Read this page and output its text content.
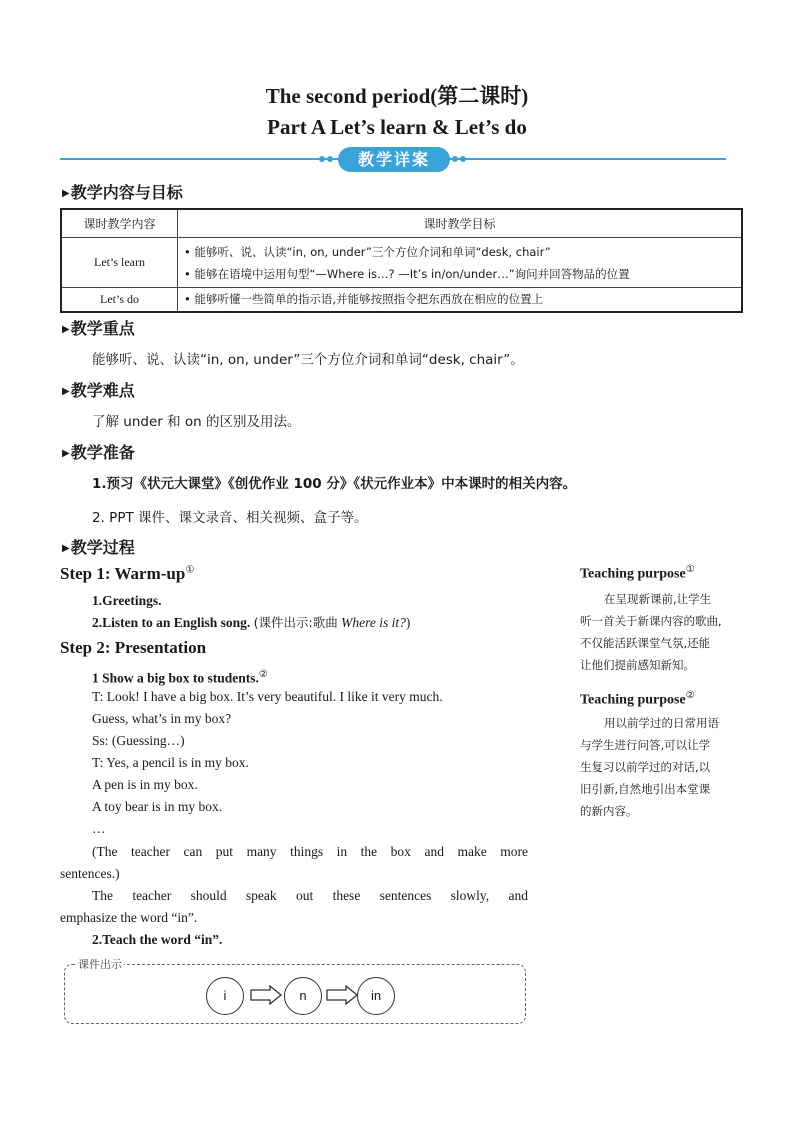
The second period(第二课时)
Part A Let’s learn & Let’s do
教学详案
▶教学内容与目标
课时教学内容	课时教学目标
Let’s learn	• 能够听、说、认读“in, on, under”三个方位介词和单词“desk, chair”
• 能够在语境中运用句型“—Where is…? —It’s in/on/under…”询问并回答物品的位置

Let’s do	• 能够听懂一些简单的指示语,并能够按照指令把东西放在相应的位置上
▶教学重点
能够听、说、认读“in, on, under”三个方位介词和单词“desk, chair”。
▶教学难点
了解 under 和 on 的区别及用法。
▶教学准备
1.预习《状元大课堂》《创优作业 100 分》《状元作业本》中本课时的相关内容。
2. PPT 课件、课文录音、相关视频、盒子等。
▶教学过程
Step 1: Warm-up①
1.Greetings.
2.Listen to an English song. (课件出示:歌曲 Where is it?)
Step 2: Presentation
1 Show a big box to students.②
T: Look! I have a big box. It’s very beautiful. I like it very much.
Guess, what’s in my box?
Ss: (Guessing…)
T: Yes, a pencil is in my box.
A pen is in my box.
A toy bear is in my box.
…
(The teacher can put many things in the box and make more
sentences.)
The teacher should speak out these sentences slowly, and
emphasize the word “in”.
2.Teach the word “in”.
课件出示
i	n	in
Teaching purpose①
在呈现新课前,让学生
听一首关于新课内容的歌曲,
不仅能活跃课堂气氛,还能
让他们提前感知新知。
Teaching purpose②
用以前学过的日常用语
与学生进行问答,可以让学
生复习以前学过的对话,以
旧引新,自然地引出本堂课
的新内容。
